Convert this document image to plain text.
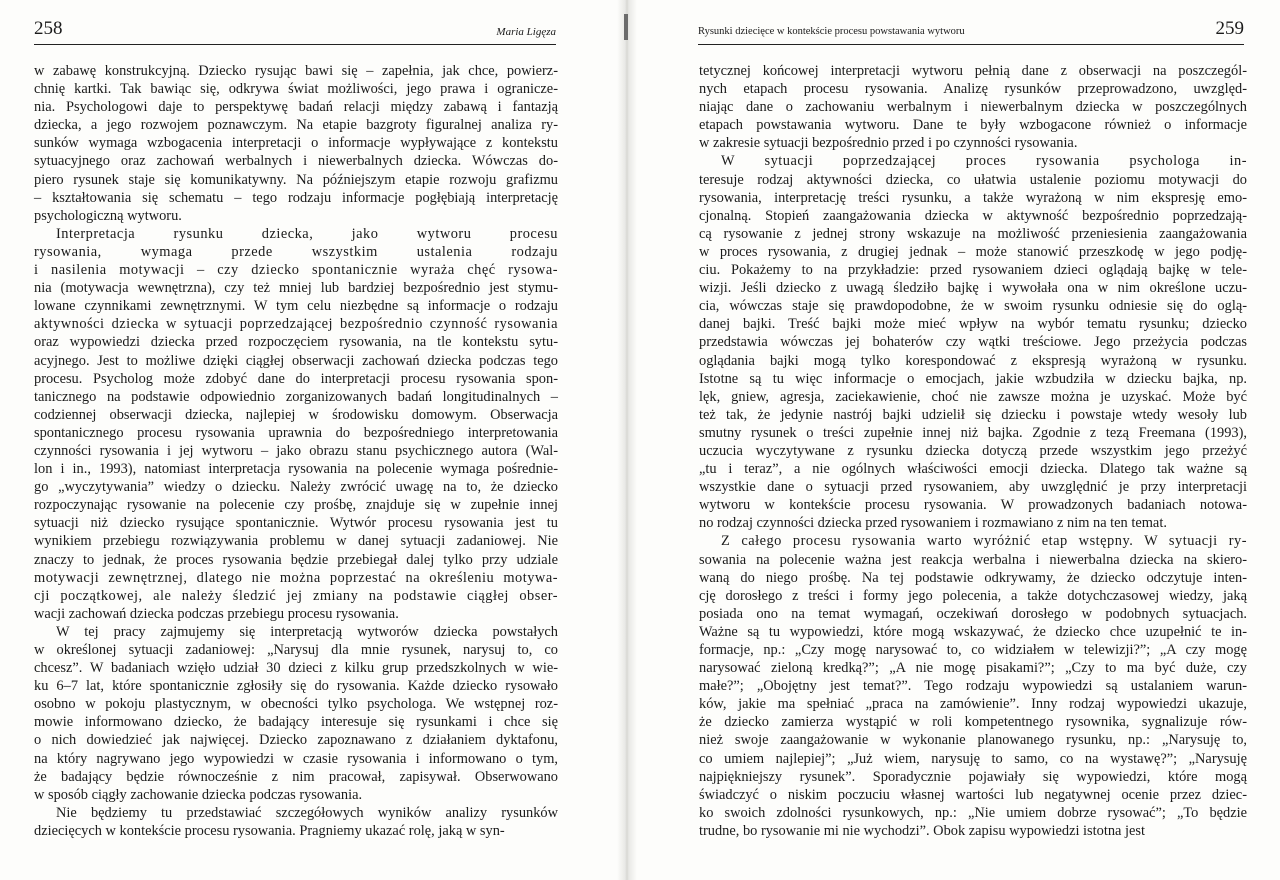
258	Maria Ligęza
w zabawę konstrukcyjną. Dziecko rysując bawi się – zapełnia, jak chce, powierz-
chnię kartki. Tak bawiąc się, odkrywa świat możliwości, jego prawa i ogranicze-
nia. Psychologowi daje to perspektywę badań relacji między zabawą i fantazją
dziecka, a jego rozwojem poznawczym. Na etapie bazgroty figuralnej analiza ry-
sunków wymaga wzbogacenia interpretacji o informacje wypływające z kontekstu
sytuacyjnego oraz zachowań werbalnych i niewerbalnych dziecka. Wówczas do-
piero rysunek staje się komunikatywny. Na późniejszym etapie rozwoju grafizmu
– kształtowania się schematu – tego rodzaju informacje pogłębiają interpretację
psychologiczną wytworu.
Interpretacja rysunku dziecka, jako wytworu procesu
rysowania, wymaga przede wszystkim ustalenia rodzaju
i nasilenia motywacji – czy dziecko spontanicznie wyraża chęć rysowa-
nia (motywacja wewnętrzna), czy też mniej lub bardziej bezpośrednio jest stymu-
lowane czynnikami zewnętrznymi. W tym celu niezbędne są informacje o rodzaju
aktywności dziecka w sytuacji poprzedzającej bezpośrednio czynność rysowania
oraz wypowiedzi dziecka przed rozpoczęciem rysowania, na tle kontekstu sytu-
acyjnego. Jest to możliwe dzięki ciągłej obserwacji zachowań dziecka podczas tego
procesu. Psycholog może zdobyć dane do interpretacji procesu rysowania spon-
tanicznego na podstawie odpowiednio zorganizowanych badań longitudinalnych –
codziennej obserwacji dziecka, najlepiej w środowisku domowym. Obserwacja
spontanicznego procesu rysowania uprawnia do bezpośredniego interpretowania
czynności rysowania i jej wytworu – jako obrazu stanu psychicznego autora (Wal-
lon i in., 1993), natomiast interpretacja rysowania na polecenie wymaga pośrednie-
go „wyczytywania” wiedzy o dziecku. Należy zwrócić uwagę na to, że dziecko
rozpoczynając rysowanie na polecenie czy prośbę, znajduje się w zupełnie innej
sytuacji niż dziecko rysujące spontanicznie. Wytwór procesu rysowania jest tu
wynikiem przebiegu rozwiązywania problemu w danej sytuacji zadaniowej. Nie
znaczy to jednak, że proces rysowania będzie przebiegał dalej tylko przy udziale
motywacji zewnętrznej, dlatego nie można poprzestać na określeniu motywa-
cji początkowej, ale należy śledzić jej zmiany na podstawie ciągłej obser-
wacji zachowań dziecka podczas przebiegu procesu rysowania.
W tej pracy zajmujemy się interpretacją wytworów dziecka powstałych
w określonej sytuacji zadaniowej: „Narysuj dla mnie rysunek, narysuj to, co
chcesz”. W badaniach wzięło udział 30 dzieci z kilku grup przedszkolnych w wie-
ku 6–7 lat, które spontanicznie zgłosiły się do rysowania. Każde dziecko rysowało
osobno w pokoju plastycznym, w obecności tylko psychologa. We wstępnej roz-
mowie informowano dziecko, że badający interesuje się rysunkami i chce się
o nich dowiedzieć jak najwięcej. Dziecko zapoznawano z działaniem dyktafonu,
na który nagrywano jego wypowiedzi w czasie rysowania i informowano o tym,
że badający będzie równocześnie z nim pracował, zapisywał. Obserwowano
w sposób ciągły zachowanie dziecka podczas rysowania.
Nie będziemy tu przedstawiać szczegółowych wyników analizy rysunków
dziecięcych w kontekście procesu rysowania. Pragniemy ukazać rolę, jaką w syn-
Rysunki dziecięce w kontekście procesu powstawania wytworu	259
tetycznej końcowej interpretacji wytworu pełnią dane z obserwacji na poszczegól-
nych etapach procesu rysowania. Analizę rysunków przeprowadzono, uwzględ-
niając dane o zachowaniu werbalnym i niewerbalnym dziecka w poszczególnych
etapach powstawania wytworu. Dane te były wzbogacone również o informacje
w zakresie sytuacji bezpośrednio przed i po czynności rysowania.
W sytuacji poprzedzającej proces rysowania psychologa in-
teresuje rodzaj aktywności dziecka, co ułatwia ustalenie poziomu motywacji do
rysowania, interpretację treści rysunku, a także wyrażoną w nim ekspresję emo-
cjonalną. Stopień zaangażowania dziecka w aktywność bezpośrednio poprzedzają-
cą rysowanie z jednej strony wskazuje na możliwość przeniesienia zaangażowania
w proces rysowania, z drugiej jednak – może stanowić przeszkodę w jego podję-
ciu. Pokażemy to na przykładzie: przed rysowaniem dzieci oglądają bajkę w tele-
wizji. Jeśli dziecko z uwagą śledziło bajkę i wywołała ona w nim określone uczu-
cia, wówczas staje się prawdopodobne, że w swoim rysunku odniesie się do oglą-
danej bajki. Treść bajki może mieć wpływ na wybór tematu rysunku; dziecko
przedstawia wówczas jej bohaterów czy wątki treściowe. Jego przeżycia podczas
oglądania bajki mogą tylko korespondować z ekspresją wyrażoną w rysunku.
Istotne są tu więc informacje o emocjach, jakie wzbudziła w dziecku bajka, np.
lęk, gniew, agresja, zaciekawienie, choć nie zawsze można je uzyskać. Może być
też tak, że jedynie nastrój bajki udzielił się dziecku i powstaje wtedy wesoły lub
smutny rysunek o treści zupełnie innej niż bajka. Zgodnie z tezą Freemana (1993),
uczucia wyczytywane z rysunku dziecka dotyczą przede wszystkim jego przeżyć
„tu i teraz”, a nie ogólnych właściwości emocji dziecka. Dlatego tak ważne są
wszystkie dane o sytuacji przed rysowaniem, aby uwzględnić je przy interpretacji
wytworu w kontekście procesu rysowania. W prowadzonych badaniach notowa-
no rodzaj czynności dziecka przed rysowaniem i rozmawiano z nim na ten temat.
Z całego procesu rysowania warto wyróżnić etap wstępny. W sytuacji ry-
sowania na polecenie ważna jest reakcja werbalna i niewerbalna dziecka na skiero-
waną do niego prośbę. Na tej podstawie odkrywamy, że dziecko odczytuje inten-
cję dorosłego z treści i formy jego polecenia, a także dotychczasowej wiedzy, jaką
posiada ono na temat wymagań, oczekiwań dorosłego w podobnych sytuacjach.
Ważne są tu wypowiedzi, które mogą wskazywać, że dziecko chce uzupełnić te in-
formacje, np.: „Czy mogę narysować to, co widziałem w telewizji?”; „A czy mogę
narysować zieloną kredką?”; „A nie mogę pisakami?”; „Czy to ma być duże, czy
małe?”; „Obojętny jest temat?”. Tego rodzaju wypowiedzi są ustalaniem warun-
ków, jakie ma spełniać „praca na zamówienie”. Inny rodzaj wypowiedzi ukazuje,
że dziecko zamierza wystąpić w roli kompetentnego rysownika, sygnalizuje rów-
nież swoje zaangażowanie w wykonanie planowanego rysunku, np.: „Narysuję to,
co umiem najlepiej”; „Już wiem, narysuję to samo, co na wystawę?”; „Narysuję
najpiękniejszy rysunek”. Sporadycznie pojawiały się wypowiedzi, które mogą
świadczyć o niskim poczuciu własnej wartości lub negatywnej ocenie przez dziec-
ko swoich zdolności rysunkowych, np.: „Nie umiem dobrze rysować”; „To będzie
trudne, bo rysowanie mi nie wychodzi”. Obok zapisu wypowiedzi istotna jest
